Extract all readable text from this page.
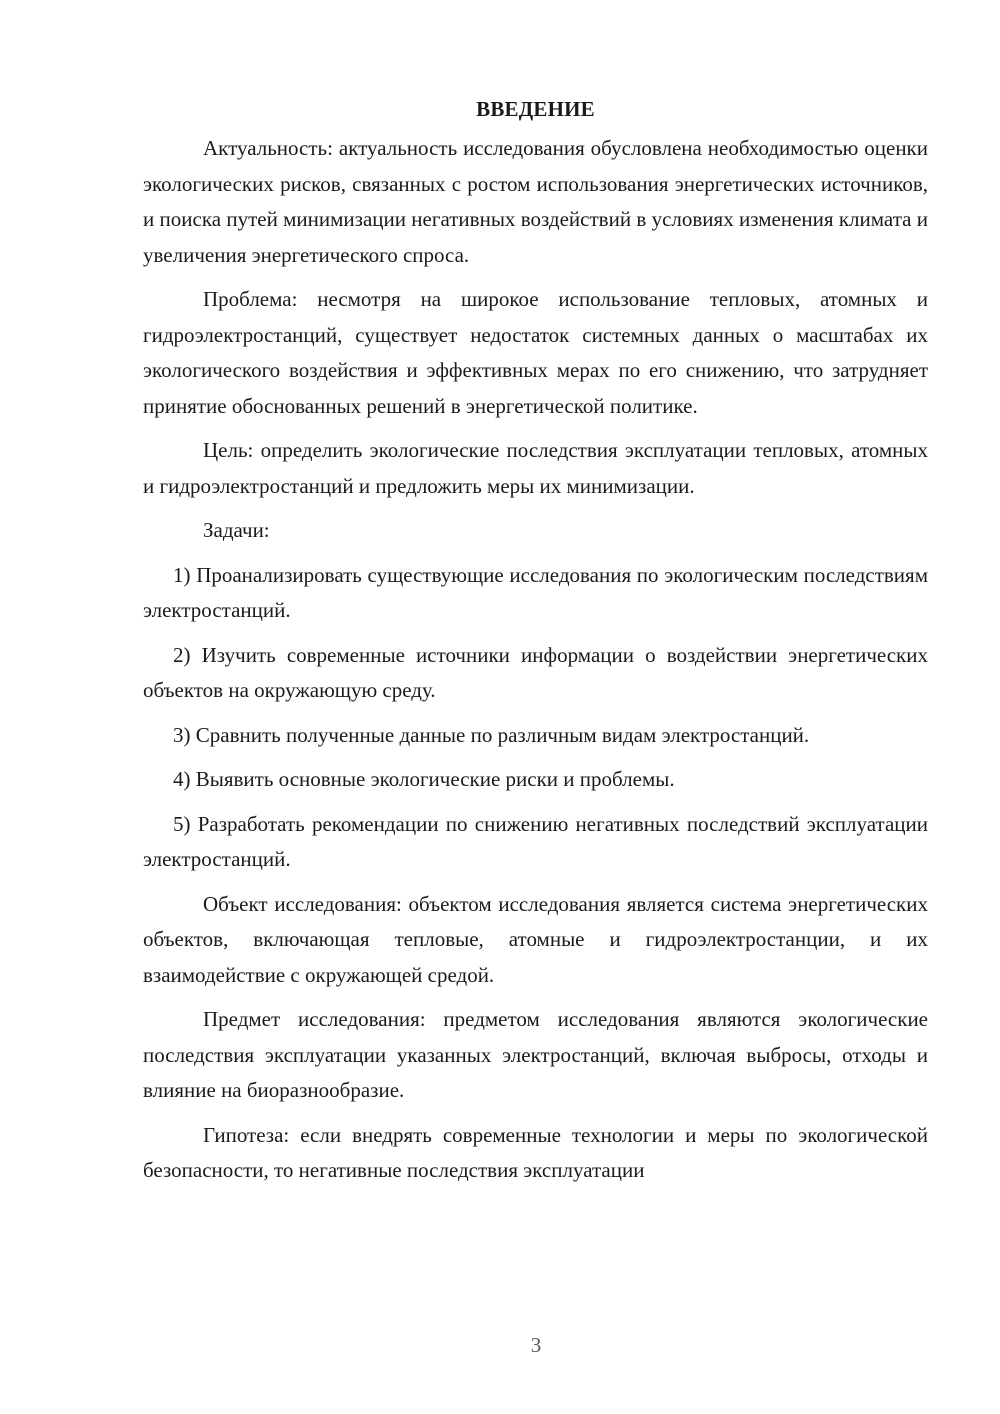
ВВЕДЕНИЕ

Актуальность: актуальность исследования обусловлена необходимостью оценки экологических рисков, связанных с ростом использования энергетических источников, и поиска путей минимизации негативных воздействий в условиях изменения климата и увеличения энергетического спроса.

Проблема: несмотря на широкое использование тепловых, атомных и гидроэлектростанций, существует недостаток системных данных о масштабах их экологического воздействия и эффективных мерах по его снижению, что затрудняет принятие обоснованных решений в энергетической политике.

Цель: определить экологические последствия эксплуатации тепловых, атомных и гидроэлектростанций и предложить меры их минимизации.

Задачи:

1) Проанализировать существующие исследования по экологическим последствиям электростанций.

2) Изучить современные источники информации о воздействии энергетических объектов на окружающую среду.

3) Сравнить полученные данные по различным видам электростанций.

4) Выявить основные экологические риски и проблемы.

5) Разработать рекомендации по снижению негативных последствий эксплуатации электростанций.

Объект исследования: объектом исследования является система энергетических объектов, включающая тепловые, атомные и гидроэлектростанции, и их взаимодействие с окружающей средой.

Предмет исследования: предметом исследования являются экологические последствия эксплуатации указанных электростанций, включая выбросы, отходы и влияние на биоразнообразие.

Гипотеза: если внедрять современные технологии и меры по экологической безопасности, то негативные последствия эксплуатации

3
